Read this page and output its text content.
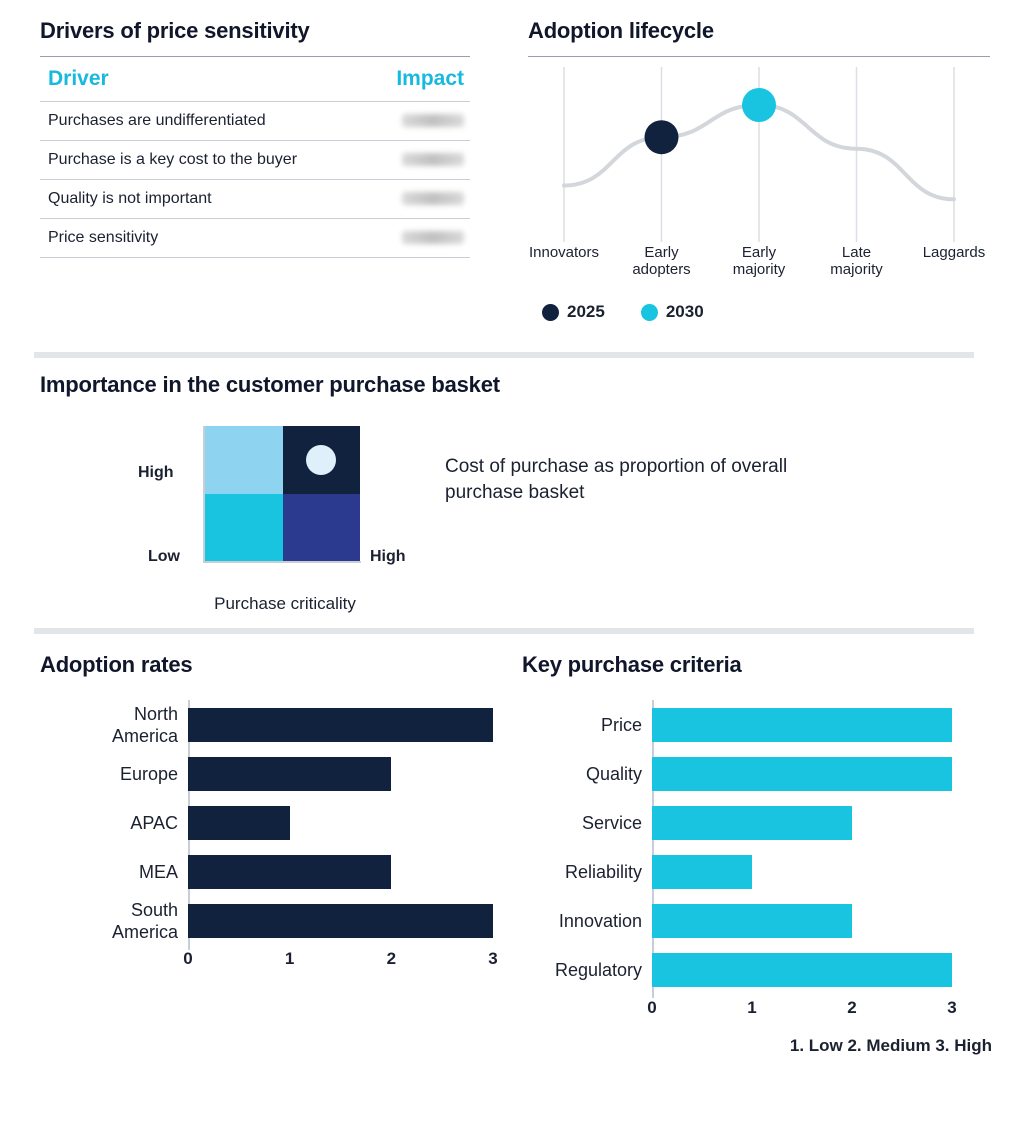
Drivers of price sensitivity
Driver	Impact
Purchases are undifferentiated	
Purchase is a key cost to the buyer	
Quality is not important	
Price sensitivity	
Adoption lifecycle
Innovators	Early
adopters
Early
majority
Late
majority
Laggards
2025	2030
Importance in the customer purchase basket
High
Low	High
Purchase criticality
Cost of purchase as proportion of overall purchase basket
Adoption rates
North
America
Europe
APAC
MEA
South
America
0	1	2	3
Key purchase criteria
Price
Quality
Service
Reliability
Innovation
Regulatory
0	1	2	3
1. Low 2. Medium 3. High
